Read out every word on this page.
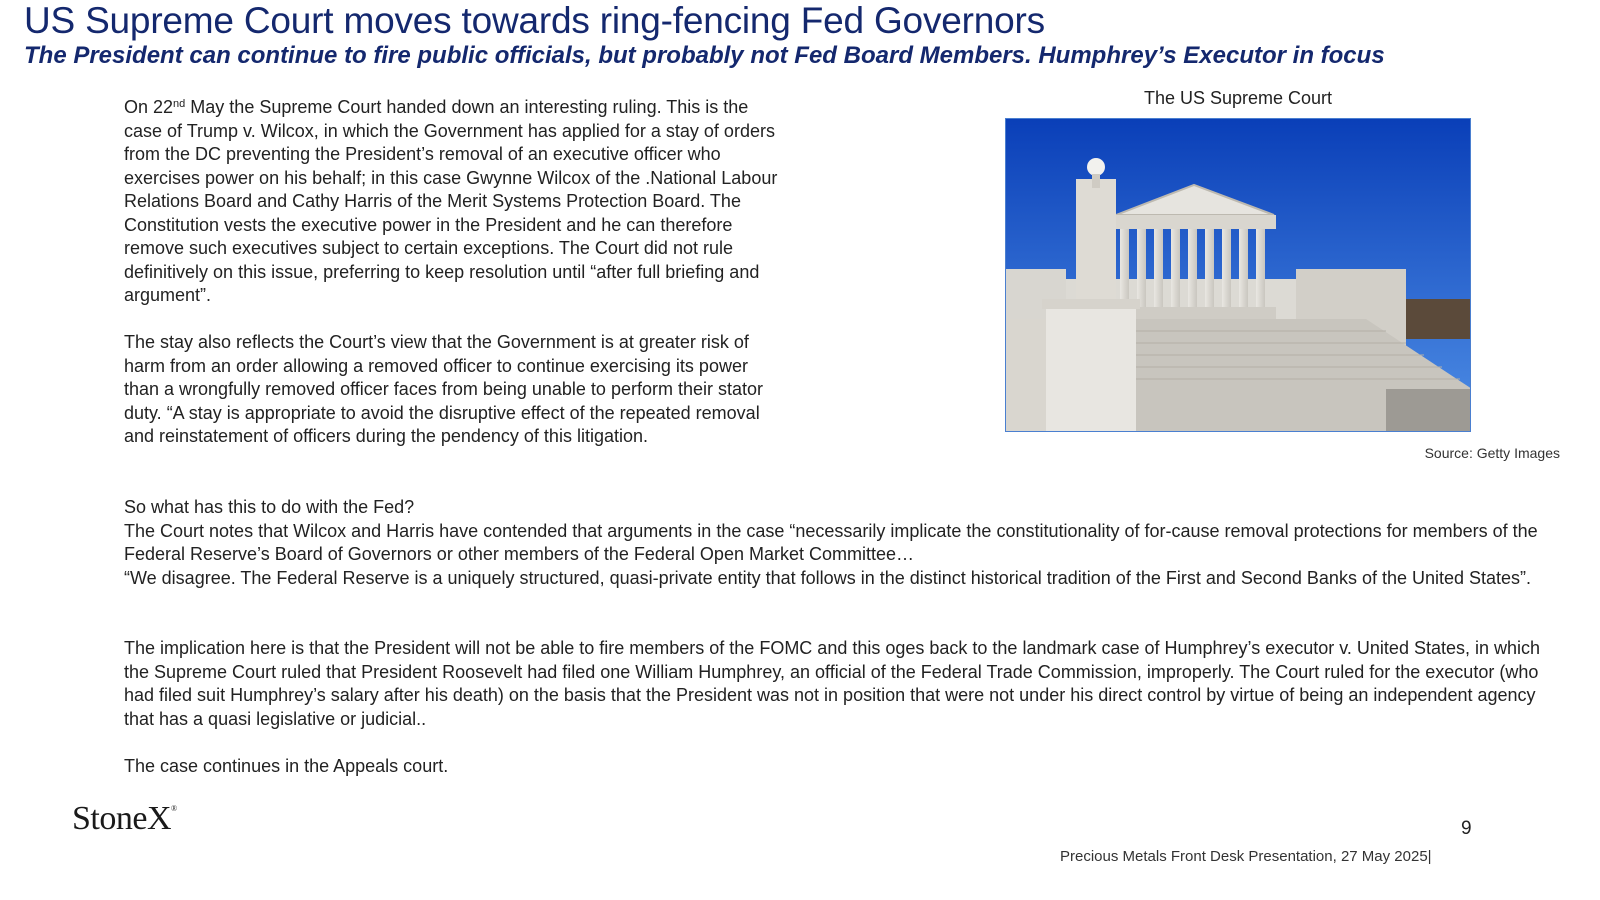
US Supreme Court moves towards ring-fencing Fed Governors
The President can continue to fire public officials, but probably not Fed Board Members. Humphrey’s Executor in focus

On 22nd May the Supreme Court handed down an interesting ruling. This is the case of Trump v. Wilcox, in which the Government has applied for a stay of orders from the DC preventing the President’s removal of an executive officer who exercises power on his behalf; in this case Gwynne Wilcox of the .National Labour Relations Board and Cathy Harris of the Merit Systems Protection Board. The Constitution vests the executive power in the President and he can therefore remove such executives subject to certain exceptions. The Court did not rule definitively on this issue, preferring to keep resolution until “after full briefing and argument”.

The stay also reflects the Court’s view that the Government is at greater risk of harm from an order allowing a removed officer to continue exercising its power than a wrongfully removed officer faces from being unable to perform their stator duty. “A stay is appropriate to avoid the disruptive effect of the repeated removal and reinstatement of officers during the pendency of this litigation.

So what has this to do with the Fed?
The Court notes that Wilcox and Harris have contended that arguments in the case “necessarily implicate the constitutionality of for-cause removal protections for members of the Federal Reserve’s Board of Governors or other members of the Federal Open Market Committee…
“We disagree. The Federal Reserve is a uniquely structured, quasi-private entity that follows in the distinct historical tradition of the First and Second Banks of the United States”.

The implication here is that the President will not be able to fire members of the FOMC and this oges back to the landmark case of Humphrey’s executor v. United States, in which the Supreme Court ruled that President Roosevelt had filed one William Humphrey, an official of the Federal Trade Commission, improperly. The Court ruled for the executor (who had filed suit Humphrey’s salary after his death) on the basis that the President was not in position that were not under his direct control by virtue of being an independent agency that has a quasi legislative or judicial..

The case continues in the Appeals court.

The US Supreme Court
Source: Getty Images
StoneX®
9
Precious Metals Front Desk Presentation, 27 May 2025|
